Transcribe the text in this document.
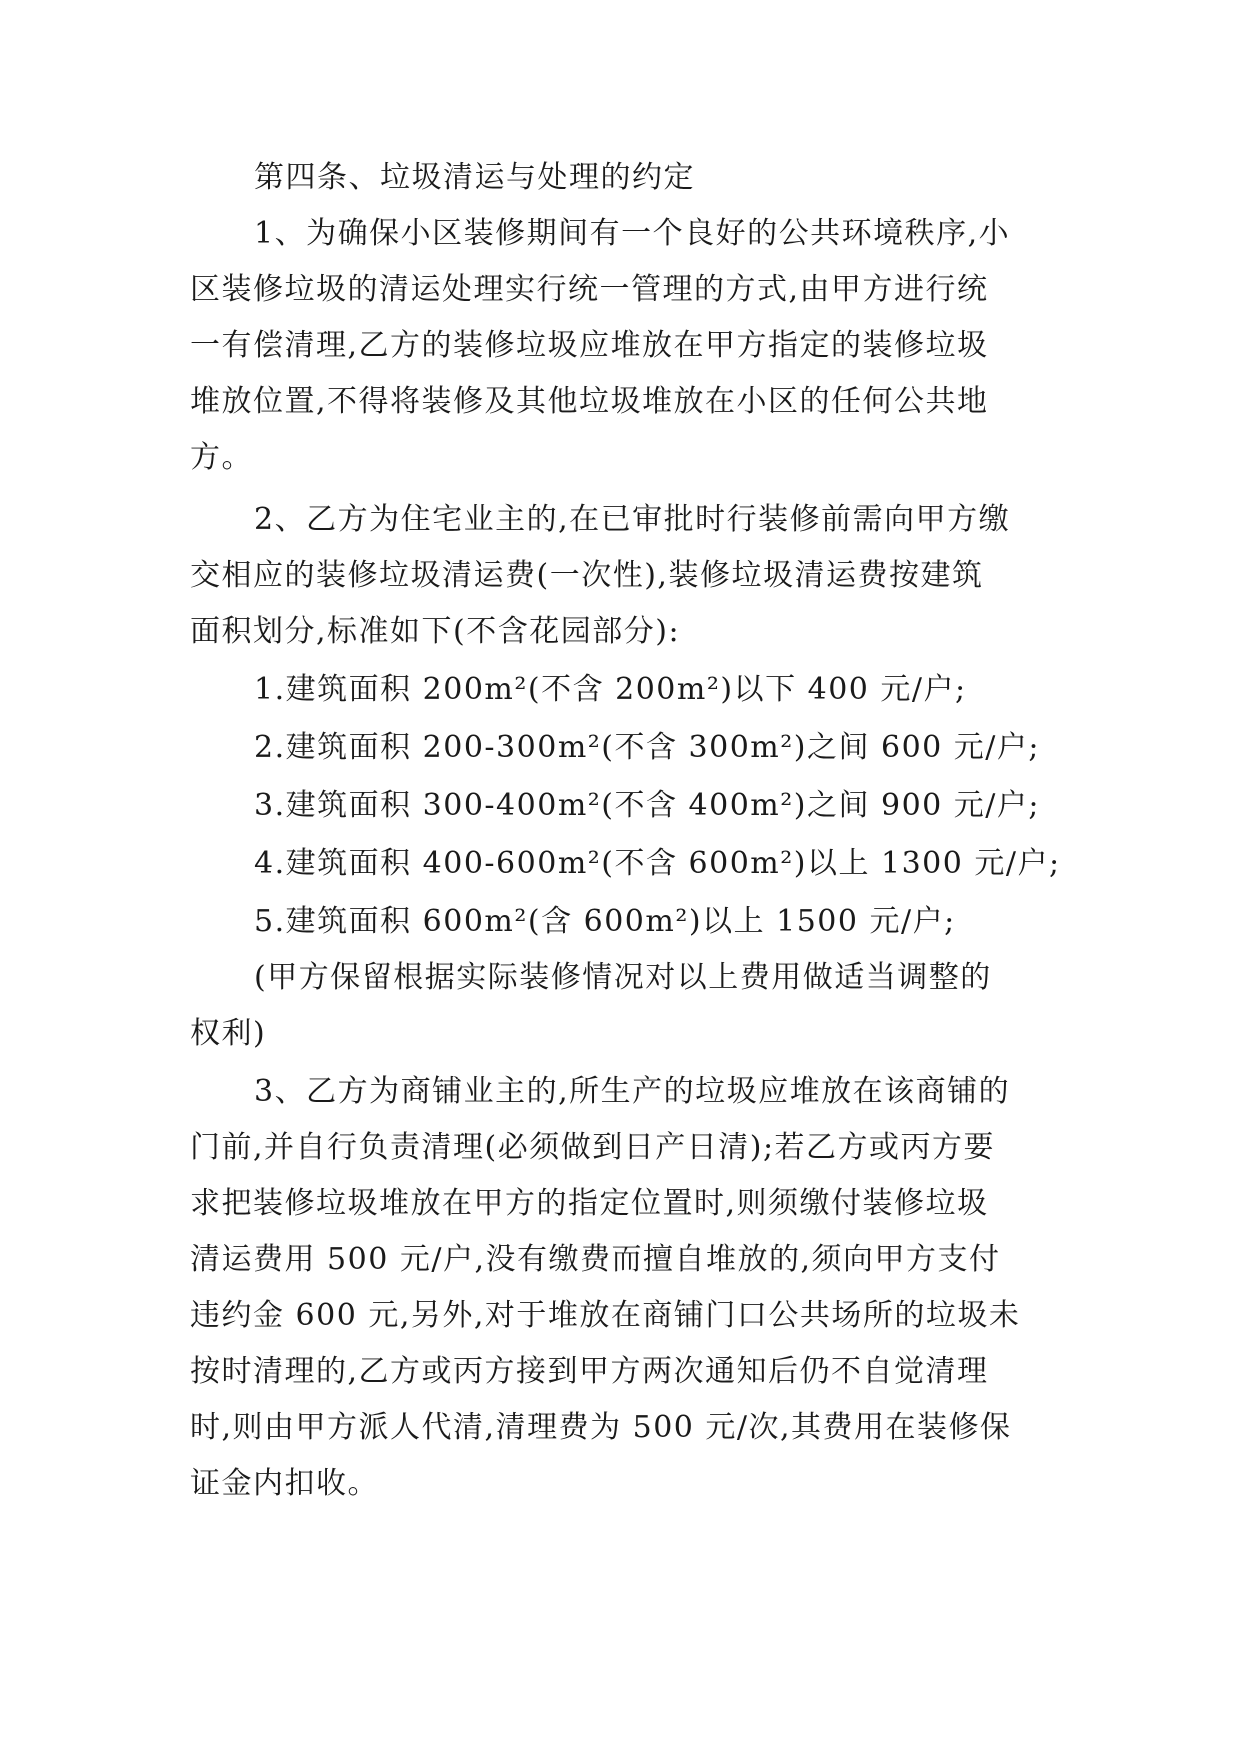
第四条、垃圾清运与处理的约定
1、为确保小区装修期间有一个良好的公共环境秩序,小
区装修垃圾的清运处理实行统一管理的方式,由甲方进行统
一有偿清理,乙方的装修垃圾应堆放在甲方指定的装修垃圾
堆放位置,不得将装修及其他垃圾堆放在小区的任何公共地
方。
2、乙方为住宅业主的,在已审批时行装修前需向甲方缴
交相应的装修垃圾清运费(一次性),装修垃圾清运费按建筑
面积划分,标准如下(不含花园部分):
1.建筑面积 200m²(不含 200m²)以下 400 元/户;
2.建筑面积 200-300m²(不含 300m²)之间 600 元/户;
3.建筑面积 300-400m²(不含 400m²)之间 900 元/户;
4.建筑面积 400-600m²(不含 600m²)以上 1300 元/户;
5.建筑面积 600m²(含 600m²)以上 1500 元/户;
(甲方保留根据实际装修情况对以上费用做适当调整的
权利)
3、乙方为商铺业主的,所生产的垃圾应堆放在该商铺的
门前,并自行负责清理(必须做到日产日清);若乙方或丙方要
求把装修垃圾堆放在甲方的指定位置时,则须缴付装修垃圾
清运费用 500 元/户,没有缴费而擅自堆放的,须向甲方支付
违约金 600 元,另外,对于堆放在商铺门口公共场所的垃圾未
按时清理的,乙方或丙方接到甲方两次通知后仍不自觉清理
时,则由甲方派人代清,清理费为 500 元/次,其费用在装修保
证金内扣收。
